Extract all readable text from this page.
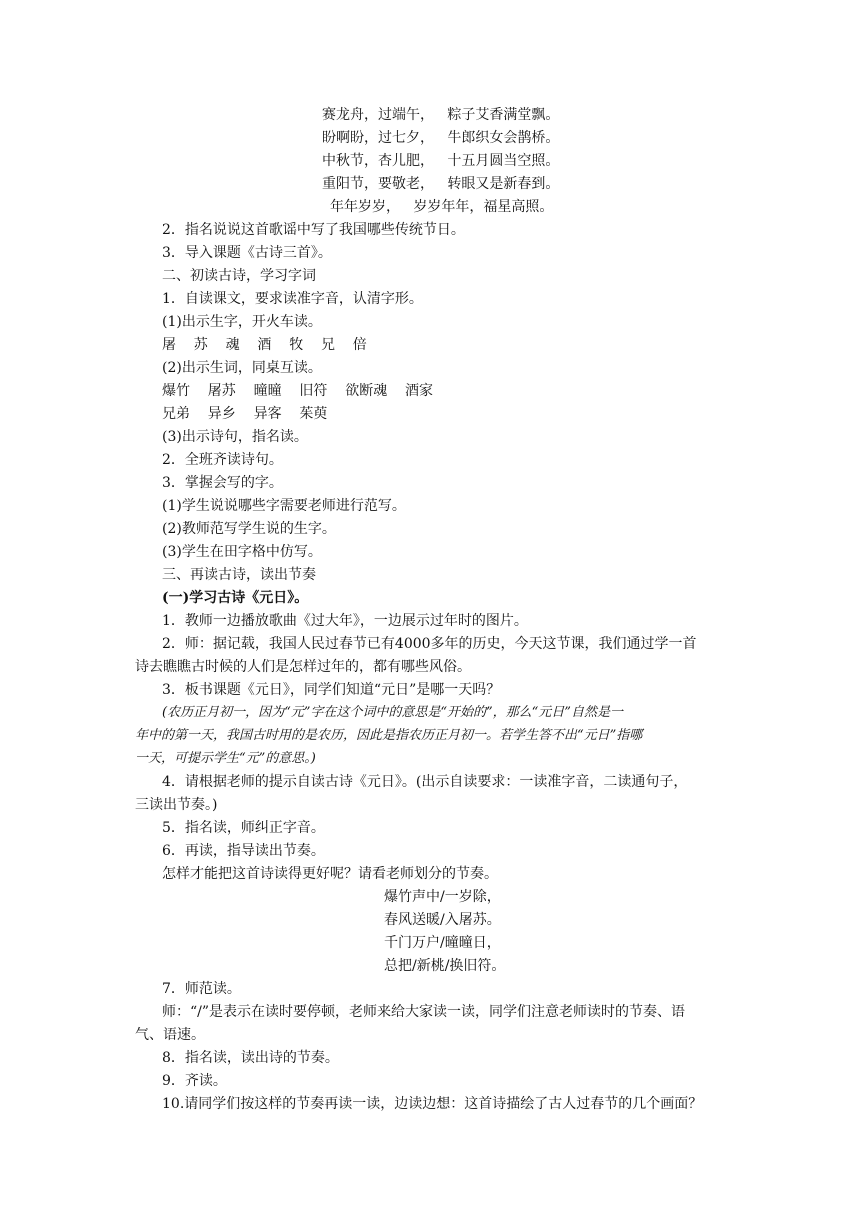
赛龙舟，过端午，   粽子艾香满堂飘。
盼啊盼，过七夕，   牛郎织女会鹊桥。
中秋节，杏儿肥，   十五月圆当空照。
重阳节，要敬老，   转眼又是新春到。
年年岁岁，   岁岁年年，福星高照。
2．指名说说这首歌谣中写了我国哪些传统节日。
3．导入课题《古诗三首》。
二、初读古诗，学习字词
1．自读课文，要求读准字音，认清字形。
(1)出示生字，开火车读。
屠    苏    魂    酒    牧    兄    倍
(2)出示生词，同桌互读。
爆竹    屠苏    曈曈    旧符    欲断魂    酒家
兄弟    异乡    异客    茱萸
(3)出示诗句，指名读。
2．全班齐读诗句。
3．掌握会写的字。
(1)学生说说哪些字需要老师进行范写。
(2)教师范写学生说的生字。
(3)学生在田字格中仿写。
三、再读古诗，读出节奏
(一)学习古诗《元日》。
1．教师一边播放歌曲《过大年》，一边展示过年时的图片。
2．师：据记载，我国人民过春节已有4000多年的历史，今天这节课，我们通过学一首
诗去瞧瞧古时候的人们是怎样过年的，都有哪些风俗。
3．板书课题《元日》，同学们知道“元日”是哪一天吗？
(农历正月初一，因为“元”字在这个词中的意思是“开始的”，那么“元日”自然是一
年中的第一天，我国古时用的是农历，因此是指农历正月初一。若学生答不出“元日”指哪
一天，可提示学生“元”的意思。)
4．请根据老师的提示自读古诗《元日》。(出示自读要求：一读准字音，二读通句子，
三读出节奏。)
5．指名读，师纠正字音。
6．再读，指导读出节奏。
怎样才能把这首诗读得更好呢？请看老师划分的节奏。
爆竹声中/一岁除，
春风送暖/入屠苏。
千门万户/曈曈日，
总把/新桃/换旧符。
7．师范读。
师：“/”是表示在读时要停顿，老师来给大家读一读，同学们注意老师读时的节奏、语
气、语速。
8．指名读，读出诗的节奏。
9．齐读。
10.请同学们按这样的节奏再读一读，边读边想：这首诗描绘了古人过春节的几个画面？
